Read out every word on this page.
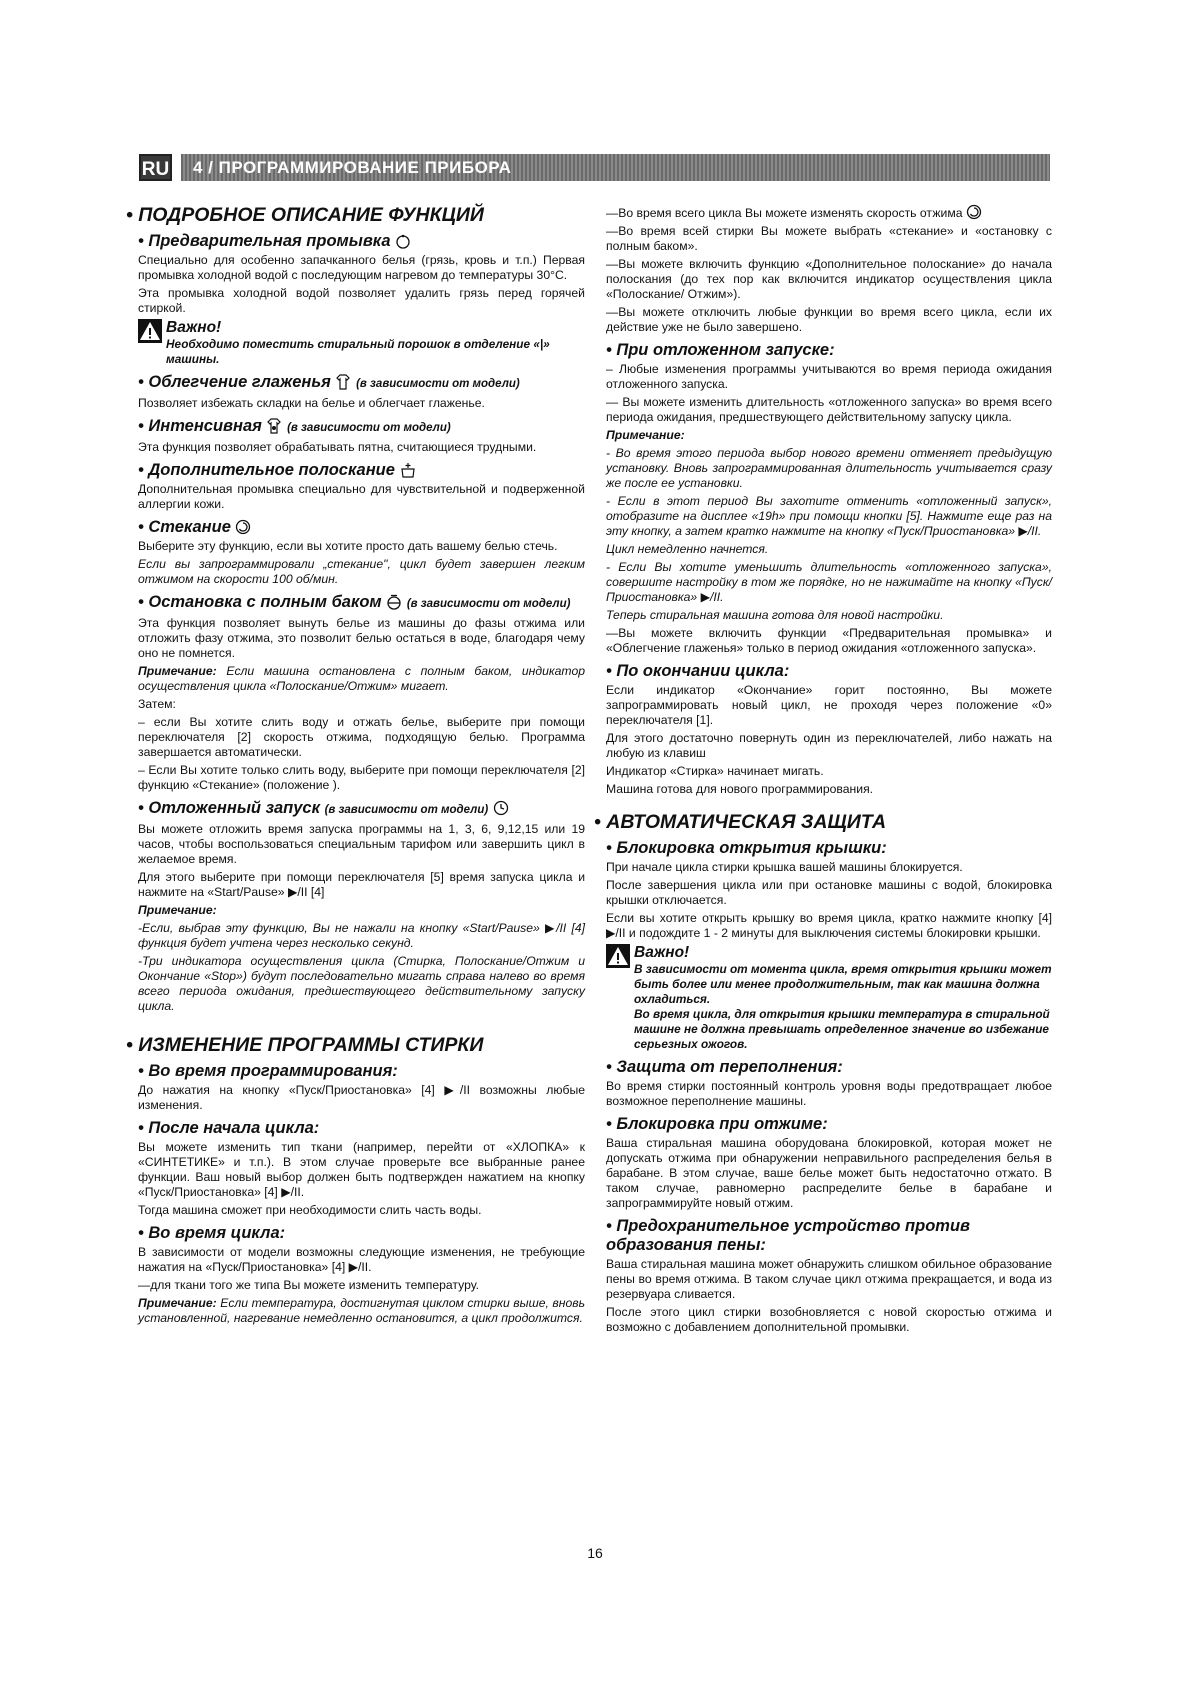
RU	4 / ПРОГРАММИРОВАНИЕ ПРИБОРА
• ПОДРОБНОЕ ОПИСАНИЕ ФУНКЦИЙ
• Предварительная промывка

Специально для особенно запачканного белья (грязь, кровь и т.п.) Первая промывка холодной водой с последующим нагревом до температуры 30°С.

Эта промывка холодной водой позволяет удалить грязь перед горячей стиркой.

Важно!
Необходимо поместить стиральный порошок в отделение «|» машины.
• Облегчение глаженья (в зависимости от модели)

Позволяет избежать складки на белье и облегчает глаженье.

• Интенсивная (в зависимости от модели)

Эта функция позволяет обрабатывать пятна, считающиеся трудными.

• Дополнительное полоскание

Дополнительная промывка специально для чувствительной и подверженной аллергии кожи.

• Стекание

Выберите эту функцию, если вы хотите просто дать вашему белью стечь.

Если вы запрограммировали „стекание", цикл будет завершен легким отжимом на скорости 100 об/мин.

• Остановка с полным баком (в зависимости от модели)

Эта функция позволяет вынуть белье из машины до фазы отжима или отложить фазу отжима, это позволит белью остаться в воде, благодаря чему оно не помнется.

Примечание: Если машина остановлена с полным баком, индикатор осуществления цикла «Полоскание/Отжим» мигает.

Затем:

– если Вы хотите слить воду и отжать белье, выберите при помощи переключателя [2] скорость отжима, подходящую белью. Программа завершается автоматически.

– Если Вы хотите только слить воду, выберите при помощи переключателя [2] функцию «Стекание» (положение ).

• Отложенный запуск (в зависимости от модели)

Вы можете отложить время запуска программы на 1, 3, 6, 9,12,15 или 19 часов, чтобы воспользоваться специальным тарифом или завершить цикл в желаемое время.

Для этого выберите при помощи переключателя [5] время запуска цикла и нажмите на «Start/Pause» ▶/II [4]

Примечание:

-Если, выбрав эту функцию, Вы не нажали на кнопку «Start/Pause» ▶/II [4] функция будет учтена через несколько секунд.

-Три индикатора осуществления цикла (Стирка, Полоскание/Отжим и Окончание «Stop») будут последовательно мигать справа налево во время всего периода ожидания, предшествующего действительному запуску цикла.

• ИЗМЕНЕНИЕ ПРОГРАММЫ СТИРКИ
• Во время программирования:

До нажатия на кнопку «Пуск/Приостановка» [4] ▶/II возможны любые изменения.

• После начала цикла:

Вы можете изменить тип ткани (например, перейти от «ХЛОПКА» к «СИНТЕТИКЕ» и т.п.). В этом случае проверьте все выбранные ранее функции. Ваш новый выбор должен быть подтвержден нажатием на кнопку «Пуск/Приостановка» [4] ▶/II.

Тогда машина сможет при необходимости слить часть воды.

• Во время цикла:

В зависимости от модели возможны следующие изменения, не требующие нажатия на «Пуск/Приостановка» [4] ▶/II.

—для ткани того же типа Вы можете изменить температуру.

Примечание: Если температура, достигнутая циклом стирки выше, вновь установленной, нагревание немедленно остановится, а цикл продолжится.

—Во время всего цикла Вы можете изменять скорость отжима

—Во время всей стирки Вы можете выбрать «стекание» и «остановку с полным баком».

—Вы можете включить функцию «Дополнительное полоскание» до начала полоскания (до тех пор как включится индикатор осуществления цикла «Полоскание/ Отжим»).

—Вы можете отключить любые функции во время всего цикла, если их действие уже не было завершено.

• При отложенном запуске:

– Любые изменения программы учитываются во время периода ожидания отложенного запуска.

— Вы можете изменить длительность «отложенного запуска» во время всего периода ожидания, предшествующего действительному запуску цикла.

Примечание:

- Во время этого периода выбор нового времени отменяет предыдущую установку. Вновь запрограммированная длительность учитывается сразу же после ее установки.

- Если в этот период Вы захотите отменить «отложенный запуск», отобразите на дисплее «19h» при помощи кнопки [5]. Нажмите еще раз на эту кнопку, а затем кратко нажмите на кнопку «Пуск/Приостановка» ▶/II.

Цикл немедленно начнется.

- Если Вы хотите уменьшить длительность «отложенного запуска», совершите настройку в том же порядке, но не нажимайте на кнопку «Пуск/Приостановка» ▶/II.

Теперь стиральная машина готова для новой настройки.

—Вы можете включить функции «Предварительная промывка» и «Облегчение глаженья» только в период ожидания «отложенного запуска».

• По окончании цикла:

Если индикатор «Окончание» горит постоянно, Вы можете запрограммировать новый цикл, не проходя через положение «0» переключателя [1].

Для этого достаточно повернуть один из переключателей, либо нажать на любую из клавиш

Индикатор «Стирка» начинает мигать.

Машина готова для нового программирования.

• АВТОМАТИЧЕСКАЯ ЗАЩИТА
• Блокировка открытия крышки:

При начале цикла стирки крышка вашей машины блокируется.

После завершения цикла или при остановке машины с водой, блокировка крышки отключается.

Если вы хотите открыть крышку во время цикла, кратко нажмите кнопку [4] ▶/II и подождите 1 - 2 минуты для выключения системы блокировки крышки.

Важно!
В зависимости от момента цикла, время открытия крышки может быть более или менее продолжительным, так как машина должна охладиться.
Во время цикла, для открытия крышки температура в стиральной машине не должна превышать определенное значение во избежание серьезных ожогов.
• Защита от переполнения:

Во время стирки постоянный контроль уровня воды предотвращает любое возможное переполнение машины.

• Блокировка при отжиме:

Ваша стиральная машина оборудована блокировкой, которая может не допускать отжима при обнаружении неправильного распределения белья в барабане. В этом случае, ваше белье может быть недостаточно отжато. В таком случае, равномерно распределите белье в барабане и запрограммируйте новый отжим.

• Предохранительное устройство против образования пены:

Ваша стиральная машина может обнаружить слишком обильное образование пены во время отжима. В таком случае цикл отжима прекращается, и вода из резервуара сливается.

После этого цикл стирки возобновляется с новой скоростью отжима и возможно с добавлением дополнительной промывки.

16
